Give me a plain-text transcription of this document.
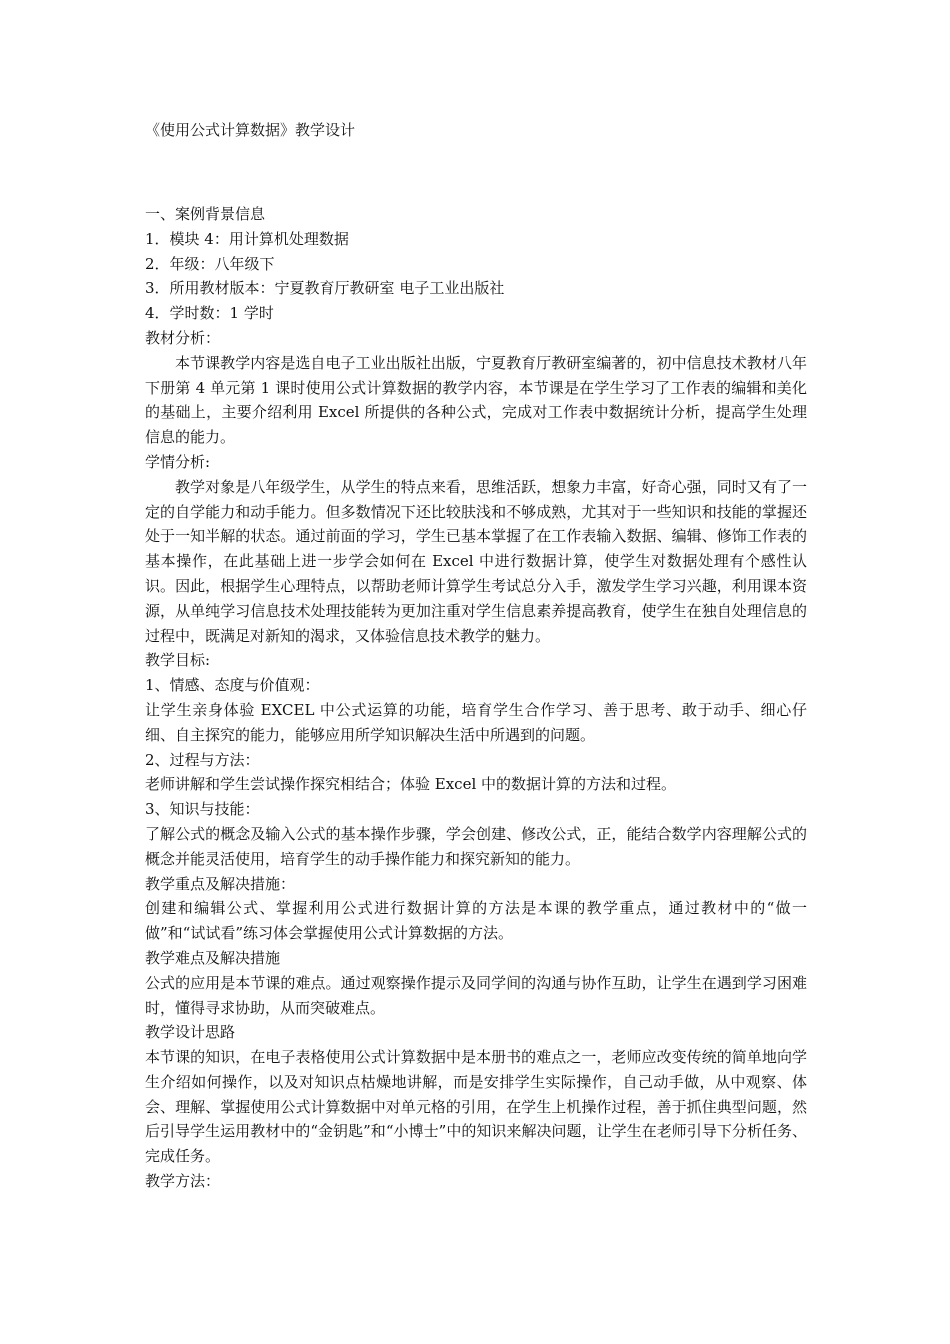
《使用公式计算数据》教学设计

一、案例背景信息

1．模块 4：用计算机处理数据

2．年级：八年级下

3．所用教材版本：宁夏教育厅教研室 电子工业出版社

4．学时数：1 学时

教材分析：

本节课教学内容是选自电子工业出版社出版，宁夏教育厅教研室编著的，初中信息技术教材八年下册第 4 单元第 1 课时使用公式计算数据的教学内容，本节课是在学生学习了工作表的编辑和美化的基础上，主要介绍利用 Excel 所提供的各种公式，完成对工作表中数据统计分析，提高学生处理信息的能力。

学情分析:

教学对象是八年级学生，从学生的特点来看，思维活跃，想象力丰富，好奇心强，同时又有了一定的自学能力和动手能力。但多数情况下还比较肤浅和不够成熟，尤其对于一些知识和技能的掌握还处于一知半解的状态。通过前面的学习，学生已基本掌握了在工作表输入数据、编辑、修饰工作表的基本操作，在此基础上进一步学会如何在 Excel 中进行数据计算，使学生对数据处理有个感性认识。因此，根据学生心理特点，以帮助老师计算学生考试总分入手，激发学生学习兴趣，利用课本资源，从单纯学习信息技术处理技能转为更加注重对学生信息素养提高教育，使学生在独自处理信息的过程中，既满足对新知的渴求，又体验信息技术教学的魅力。

教学目标:

1、情感、态度与价值观：

让学生亲身体验 EXCEL 中公式运算的功能，培育学生合作学习、善于思考、敢于动手、细心仔细、自主探究的能力，能够应用所学知识解决生活中所遇到的问题。

2、过程与方法：

老师讲解和学生尝试操作探究相结合；体验 Excel 中的数据计算的方法和过程。

3、知识与技能：

了解公式的概念及输入公式的基本操作步骤，学会创建、修改公式，正，能结合数学内容理解公式的概念并能灵活使用，培育学生的动手操作能力和探究新知的能力。

教学重点及解决措施：

创建和编辑公式、掌握利用公式进行数据计算的方法是本课的教学重点，通过教材中的“做一做”和“试试看”练习体会掌握使用公式计算数据的方法。

教学难点及解决措施

公式的应用是本节课的难点。通过观察操作提示及同学间的沟通与协作互助，让学生在遇到学习困难时，懂得寻求协助，从而突破难点。

教学设计思路

本节课的知识，在电子表格使用公式计算数据中是本册书的难点之一，老师应改变传统的简单地向学生介绍如何操作，以及对知识点枯燥地讲解，而是安排学生实际操作，自己动手做，从中观察、体会、理解、掌握使用公式计算数据中对单元格的引用，在学生上机操作过程，善于抓住典型问题，然后引导学生运用教材中的“金钥匙”和“小博士”中的知识来解决问题，让学生在老师引导下分析任务、完成任务。

教学方法：
